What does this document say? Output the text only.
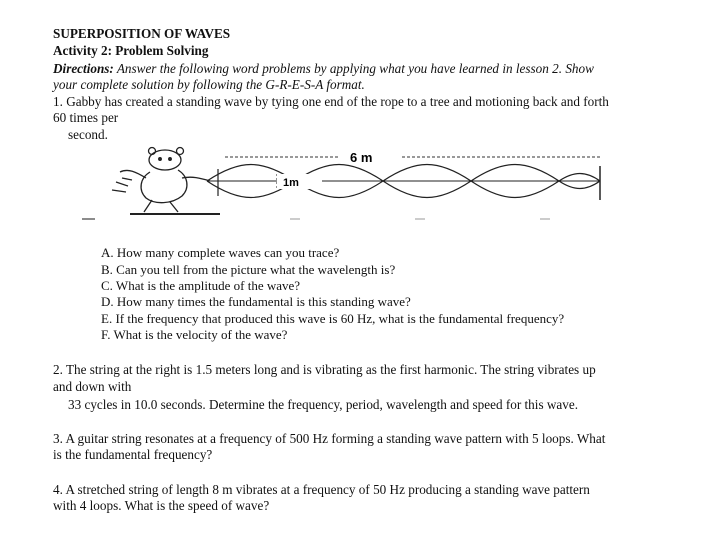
SUPERPOSITION OF WAVES
Activity 2: Problem Solving
Directions: Answer the following word problems by applying what you have learned in lesson 2. Show
your complete solution by following the G-R-E-S-A format.
1. Gabby has created a standing wave by tying one end of the rope to a tree and motioning back and forth
60 times per
second.
6 m
1m
A. How many complete waves can you trace?
B. Can you tell from the picture what the wavelength is?
C. What is the amplitude of the wave?
D. How many times the fundamental is this standing wave?
E. If the frequency that produced this wave is 60 Hz, what is the fundamental frequency?
F. What is the velocity of the wave?
2. The string at the right is 1.5 meters long and is vibrating as the first harmonic. The string vibrates up
and down with
33 cycles in 10.0 seconds. Determine the frequency, period, wavelength and speed for this wave.
3. A guitar string resonates at a frequency of 500 Hz forming a standing wave pattern with 5 loops. What
is the fundamental frequency?
4. A stretched string of length 8 m vibrates at a frequency of 50 Hz producing a standing wave pattern
with 4 loops. What is the speed of wave?
